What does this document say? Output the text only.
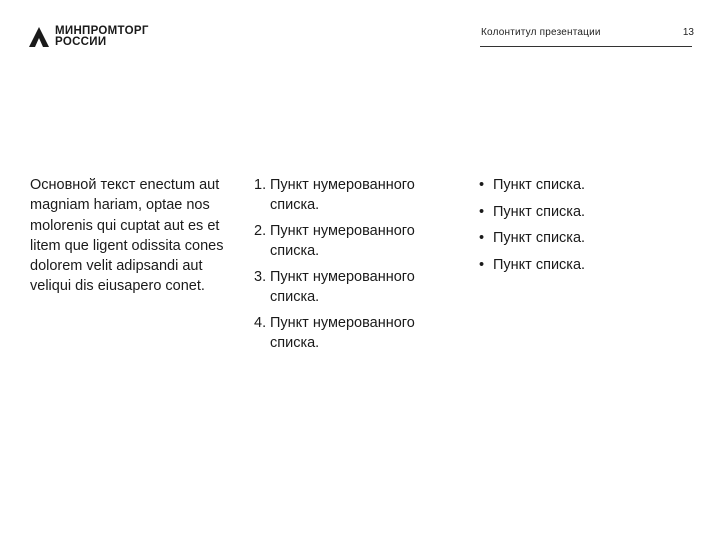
МИНПРОМТОРГ
РОССИИ
Колонтитул презентации	13
Основной текст enectum aut magniam hariam, optae nos molorenis qui cuptat aut es et litem que ligent odissita cones dolorem velit adipsandi aut veliqui dis eiusapero conet.
1. Пункт нумерованного списка.
2. Пункт нумерованного списка.
3. Пункт нумерованного списка.
4. Пункт нумерованного списка.
• Пункт списка.
• Пункт списка.
• Пункт списка.
• Пункт списка.
